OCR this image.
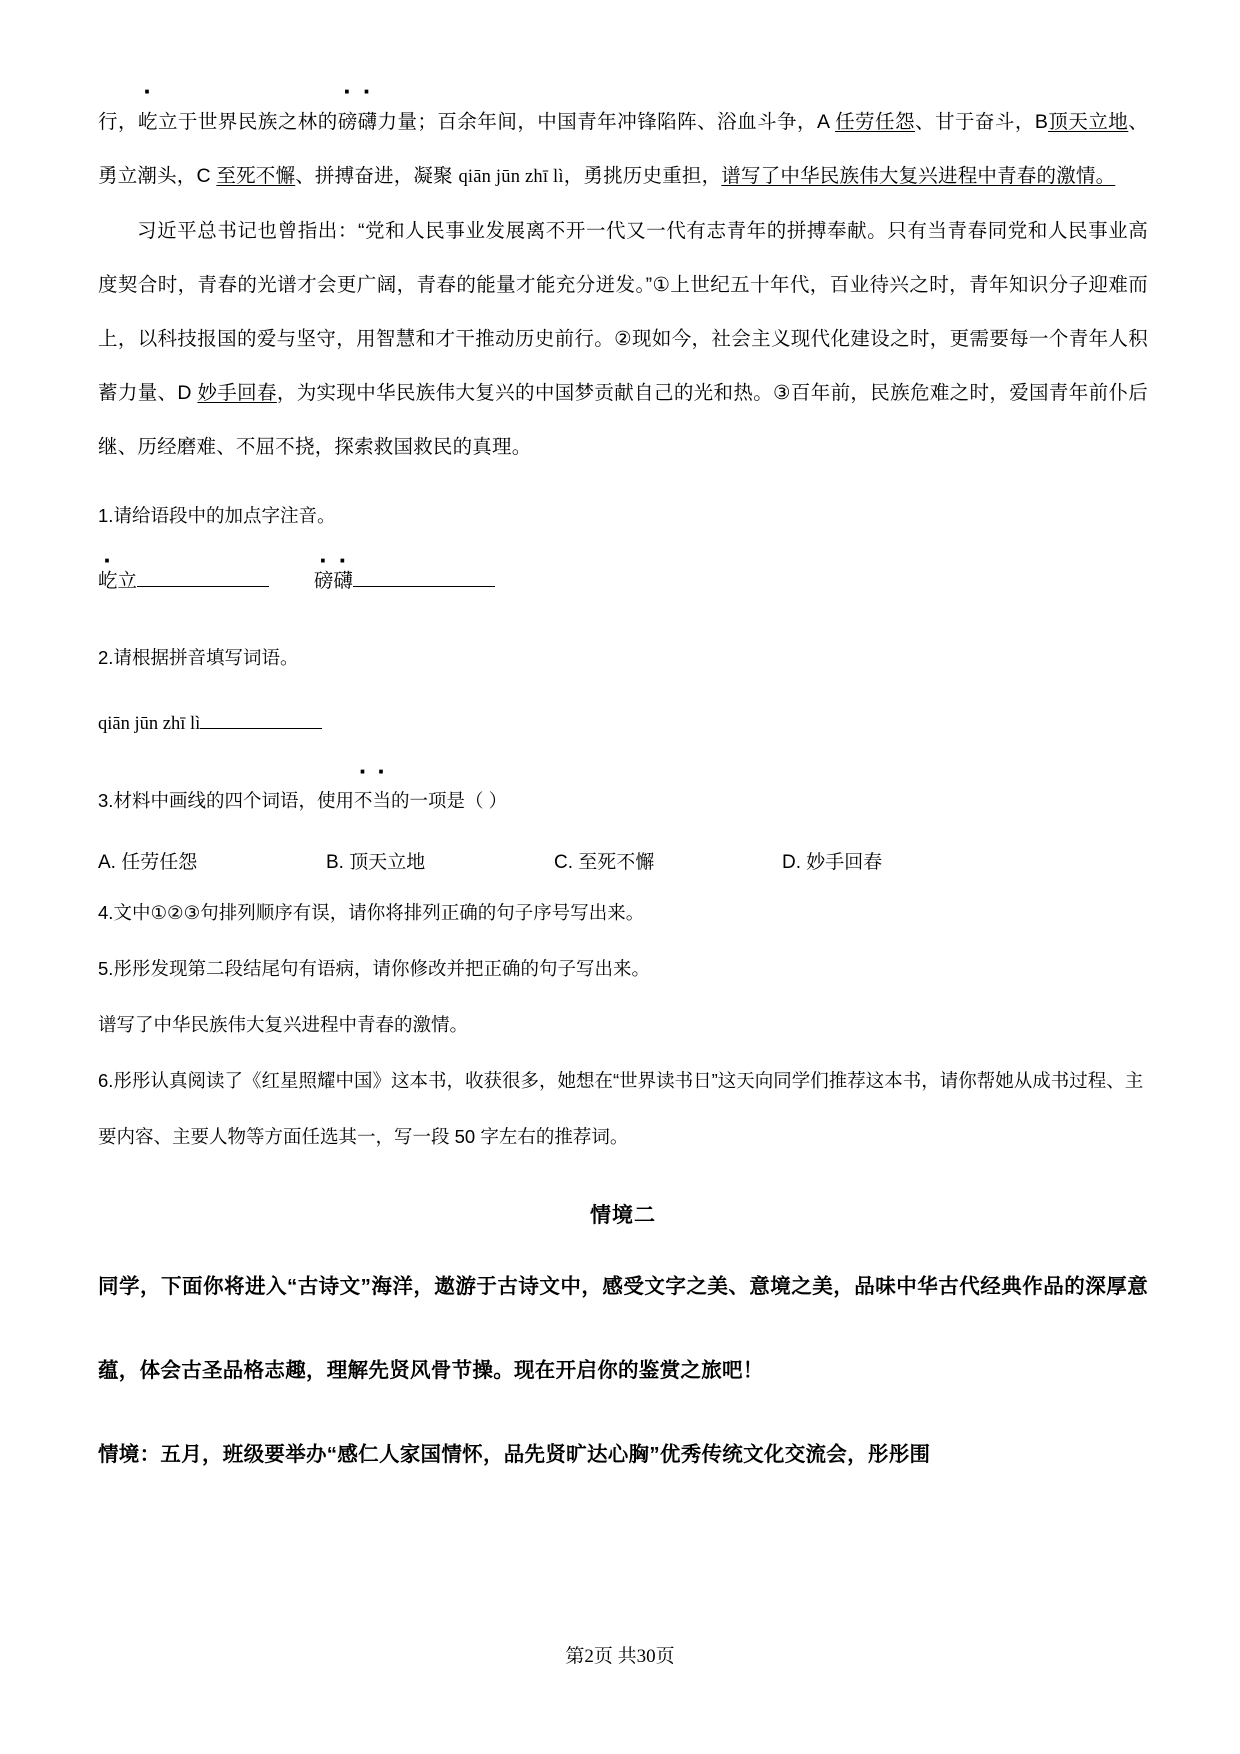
行，屹立于世界民族之林的磅礴力量；百余年间，中国青年冲锋陷阵、浴血斗争，A 任劳任怨、甘于奋斗，B顶天立地、勇立潮头，C 至死不懈、拼搏奋进，凝聚 qiān jūn zhī lì，勇挑历史重担，谱写了中华民族伟大复兴进程中青春的激情。

习近平总书记也曾指出：“党和人民事业发展离不开一代又一代有志青年的拼搏奉献。只有当青春同党和人民事业高度契合时，青春的光谱才会更广阔，青春的能量才能充分迸发。”①上世纪五十年代，百业待兴之时，青年知识分子迎难而上，以科技报国的爱与坚守，用智慧和才干推动历史前行。②现如今，社会主义现代化建设之时，更需要每一个青年人积蓄力量、D 妙手回春，为实现中华民族伟大复兴的中国梦贡献自己的光和热。③百年前，民族危难之时，爱国青年前仆后继、历经磨难、不屈不挠，探索救国救民的真理。

1.请给语段中的加点字注音。

屹立	磅礴

2.请根据拼音填写词语。

qiān jūn zhī lì

3.材料中画线的四个词语，使用不当的一项是（ ）

A. 任劳任怨	B. 顶天立地	C. 至死不懈	D. 妙手回春

4.文中①②③句排列顺序有误，请你将排列正确的句子序号写出来。

5.彤彤发现第二段结尾句有语病，请你修改并把正确的句子写出来。

谱写了中华民族伟大复兴进程中青春的激情。

6.彤彤认真阅读了《红星照耀中国》这本书，收获很多，她想在“世界读书日”这天向同学们推荐这本书，请你帮她从成书过程、主要内容、主要人物等方面任选其一，写一段 50 字左右的推荐词。

情境二

同学，下面你将进入“古诗文”海洋，遨游于古诗文中，感受文字之美、意境之美，品味中华古代经典作品的深厚意蕴，体会古圣品格志趣，理解先贤风骨节操。现在开启你的鉴赏之旅吧！

情境：五月，班级要举办“感仁人家国情怀，品先贤旷达心胸”优秀传统文化交流会，彤彤围

第2页 共30页
